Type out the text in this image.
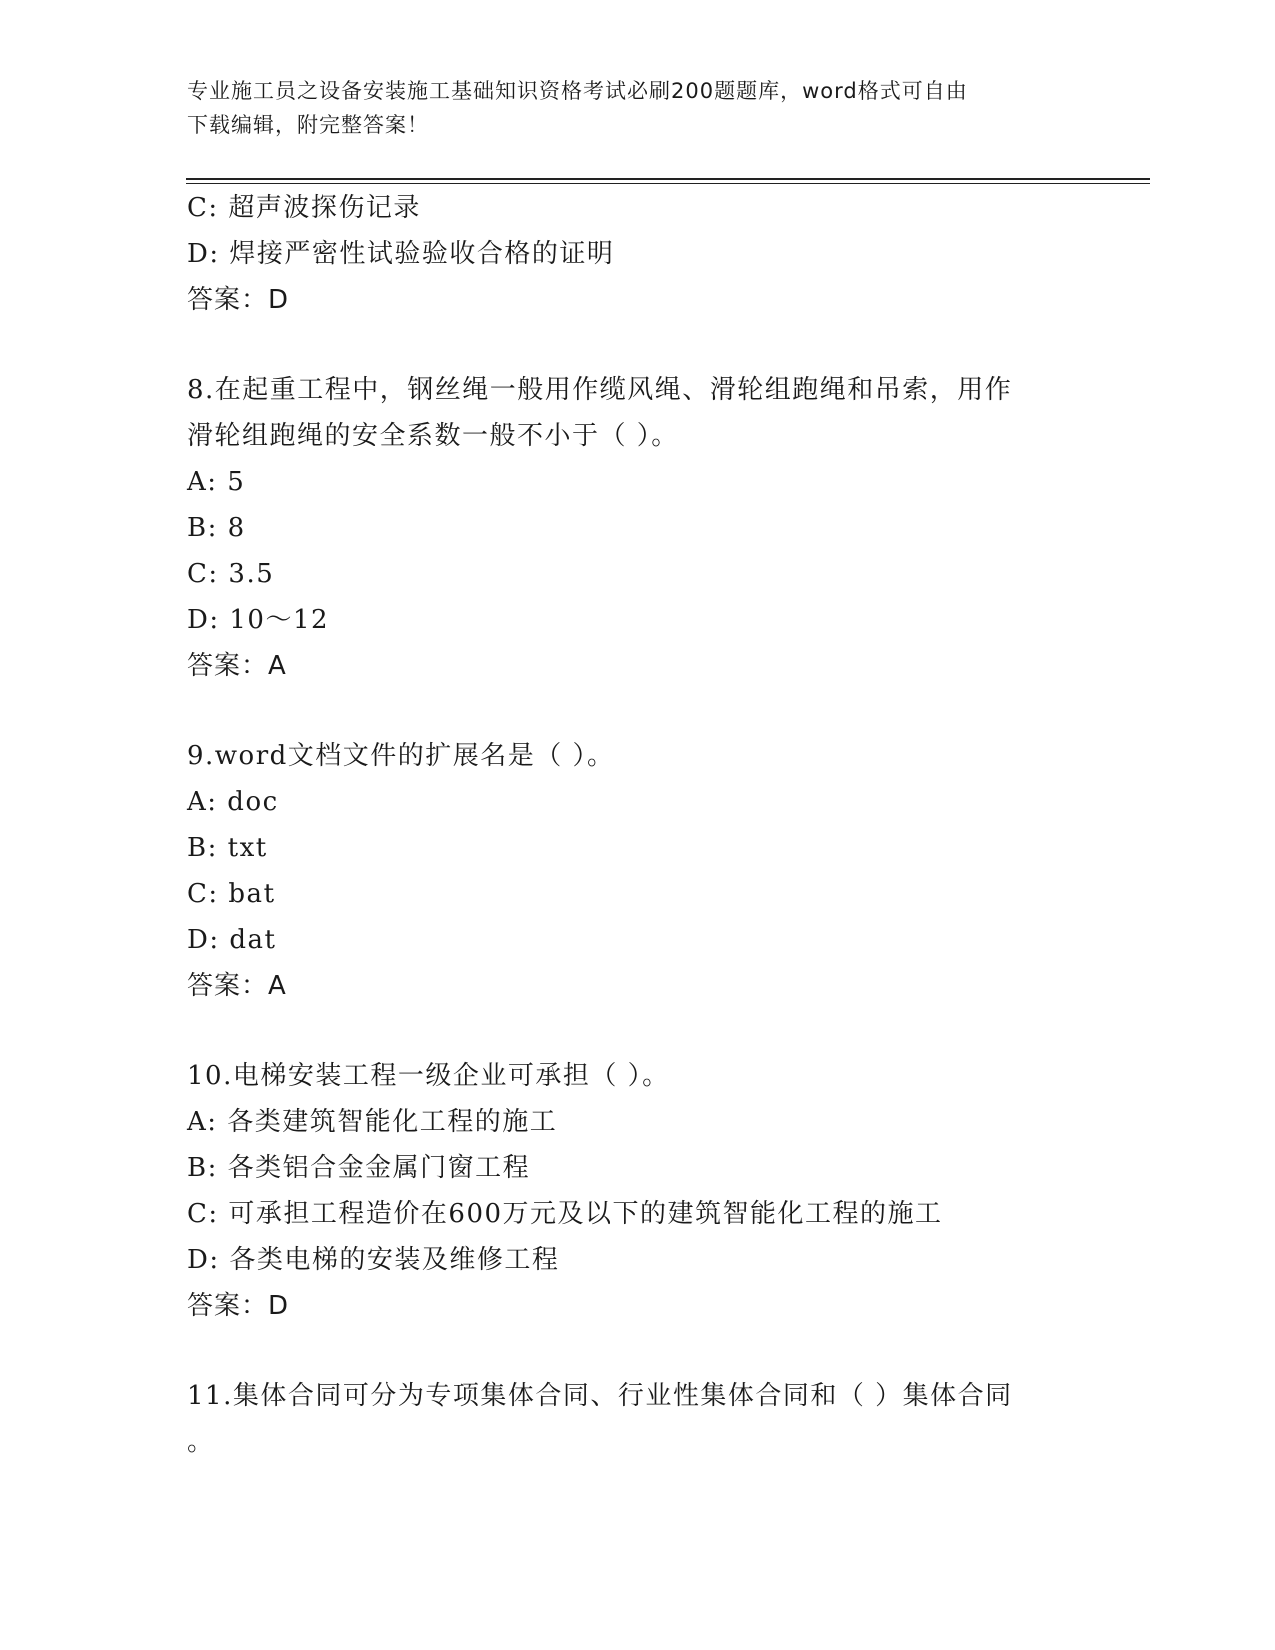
专业施工员之设备安装施工基础知识资格考试必刷200题题库，word格式可自由
下载编辑，附完整答案！
C: 超声波探伤记录
D: 焊接严密性试验验收合格的证明
答案：D
8.在起重工程中，钢丝绳一般用作缆风绳、滑轮组跑绳和吊索，用作
滑轮组跑绳的安全系数一般不小于（ ）。
A: 5
B: 8
C: 3.5
D: 10～12
答案：A
9.word文档文件的扩展名是（ ）。
A: doc
B: txt
C: bat
D: dat
答案：A
10.电梯安装工程一级企业可承担（ ）。
A: 各类建筑智能化工程的施工
B: 各类铝合金金属门窗工程
C: 可承担工程造价在600万元及以下的建筑智能化工程的施工
D: 各类电梯的安装及维修工程
答案：D
11.集体合同可分为专项集体合同、行业性集体合同和（ ）集体合同
。
